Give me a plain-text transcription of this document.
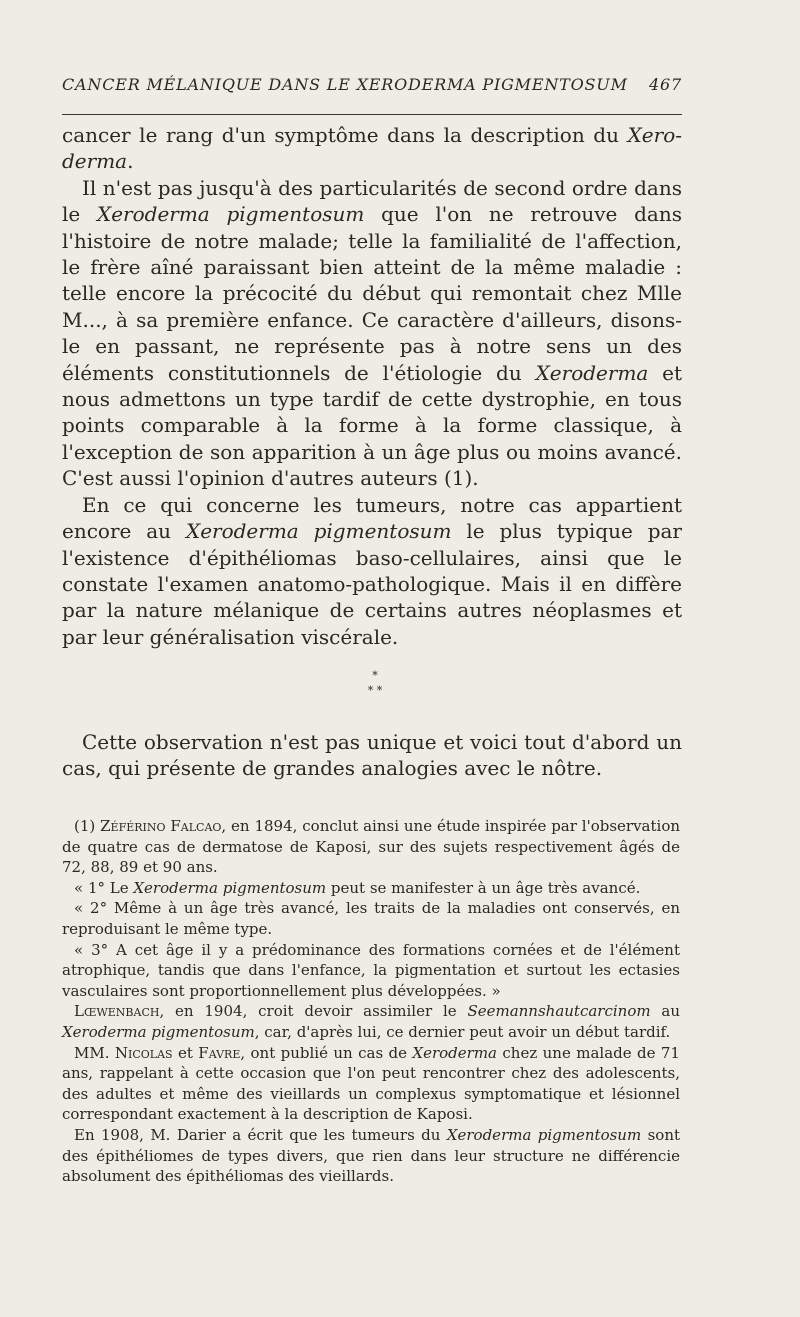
CANCER MÉLANIQUE DANS LE XERODERMA PIGMENTOSUM 467

cancer le rang d'un symptôme dans la description du Xero-derma.

Il n'est pas jusqu'à des particularités de second ordre dans le Xeroderma pigmentosum que l'on ne retrouve dans l'histoire de notre malade; telle la familialité de l'affection, le frère aîné paraissant bien atteint de la même maladie : telle encore la précocité du début qui remontait chez Mlle M..., à sa première enfance. Ce caractère d'ailleurs, disons-le en passant, ne représente pas à notre sens un des éléments constitutionnels de l'étiologie du Xeroderma et nous admettons un type tardif de cette dystrophie, en tous points comparable à la forme à la forme classique, à l'exception de son apparition à un âge plus ou moins avancé. C'est aussi l'opinion d'autres auteurs (1).

En ce qui concerne les tumeurs, notre cas appartient encore au Xeroderma pigmentosum le plus typique par l'existence d'épithéliomas baso-cellulaires, ainsi que le constate l'examen anatomo-pathologique. Mais il en diffère par la nature mélanique de certains autres néoplasmes et par leur généralisation viscérale.

*
* *

Cette observation n'est pas unique et voici tout d'abord un cas, qui présente de grandes analogies avec le nôtre.

(1) Zéférino Falcao, en 1894, conclut ainsi une étude inspirée par l'observation de quatre cas de dermatose de Kaposi, sur des sujets respectivement âgés de 72, 88, 89 et 90 ans.

« 1° Le Xeroderma pigmentosum peut se manifester à un âge très avancé.

« 2° Même à un âge très avancé, les traits de la maladies ont conservés, en reproduisant le même type.

« 3° A cet âge il y a prédominance des formations cornées et de l'élément atrophique, tandis que dans l'enfance, la pigmentation et surtout les ectasies vasculaires sont proportionnellement plus développées. »

Lœwenbach, en 1904, croit devoir assimiler le Seemannshautcarcinom au Xeroderma pigmentosum, car, d'après lui, ce dernier peut avoir un début tardif.

MM. Nicolas et Favre, ont publié un cas de Xeroderma chez une malade de 71 ans, rappelant à cette occasion que l'on peut rencontrer chez des adolescents, des adultes et même des vieillards un complexus symptomatique et lésionnel correspondant exactement à la description de Kaposi.

En 1908, M. Darier a écrit que les tumeurs du Xeroderma pigmentosum sont des épithéliomes de types divers, que rien dans leur structure ne différencie absolument des épithéliomas des vieillards.
